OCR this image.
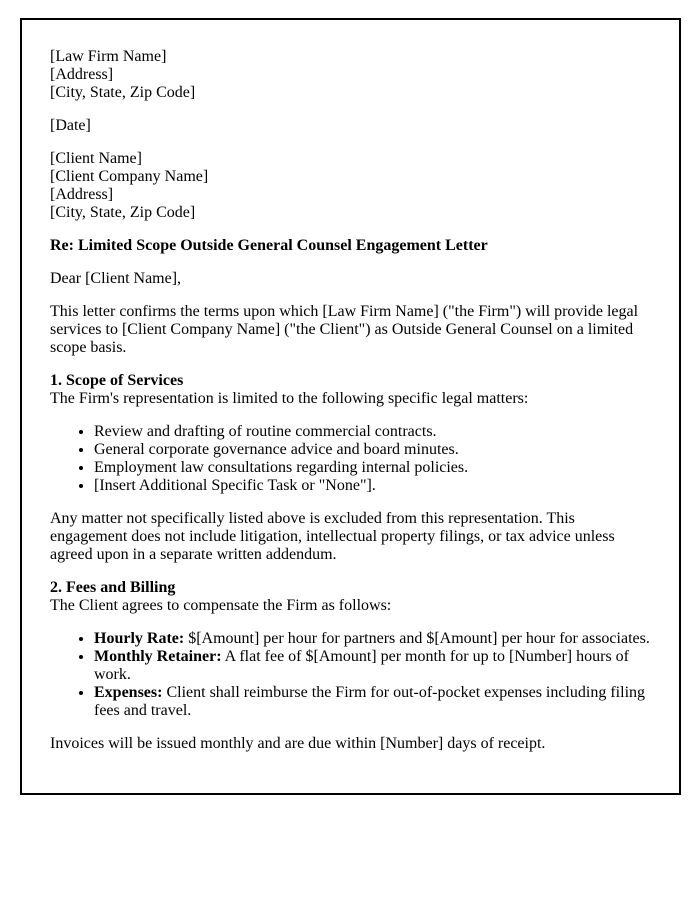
[Law Firm Name]
[Address]
[City, State, Zip Code]
[Date]
[Client Name]
[Client Company Name]
[Address]
[City, State, Zip Code]
Re: Limited Scope Outside General Counsel Engagement Letter
Dear [Client Name],
This letter confirms the terms upon which [Law Firm Name] ("the Firm") will provide legal services to [Client Company Name] ("the Client") as Outside General Counsel on a limited scope basis.
1. Scope of Services
The Firm's representation is limited to the following specific legal matters:
• Review and drafting of routine commercial contracts.
• General corporate governance advice and board minutes.
• Employment law consultations regarding internal policies.
• [Insert Additional Specific Task or "None"].
Any matter not specifically listed above is excluded from this representation. This engagement does not include litigation, intellectual property filings, or tax advice unless agreed upon in a separate written addendum.
2. Fees and Billing
The Client agrees to compensate the Firm as follows:
• Hourly Rate: $[Amount] per hour for partners and $[Amount] per hour for associates.
• Monthly Retainer: A flat fee of $[Amount] per month for up to [Number] hours of work.
• Expenses: Client shall reimburse the Firm for out-of-pocket expenses including filing fees and travel.
Invoices will be issued monthly and are due within [Number] days of receipt.
